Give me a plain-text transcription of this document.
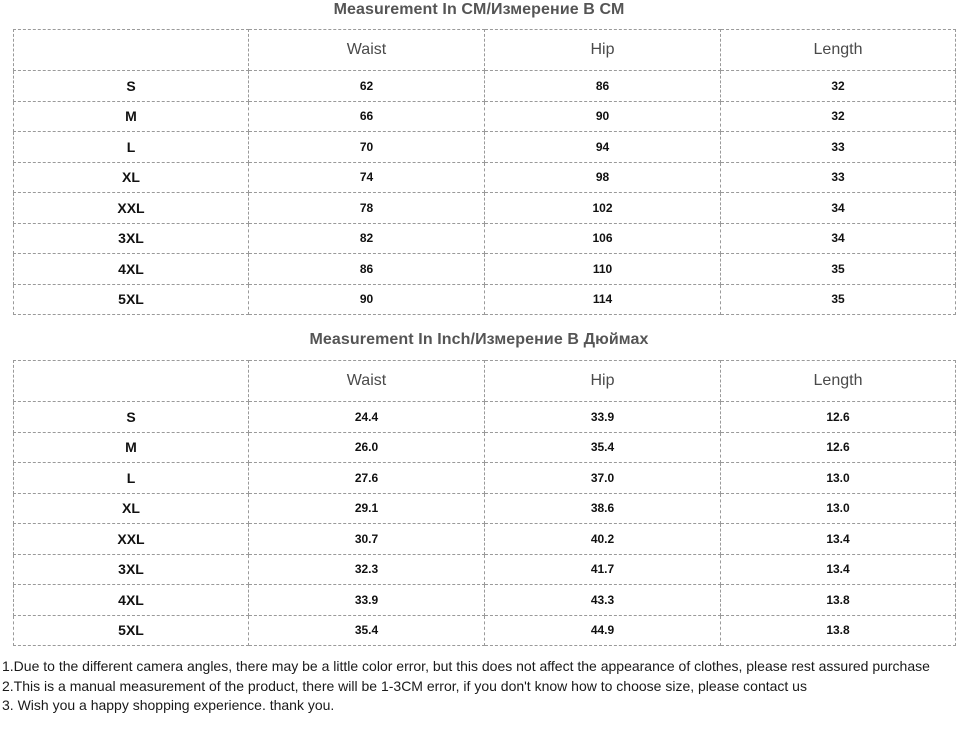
Measurement In CM/Измерение В СМ
	Waist	Hip	Length
S	62	86	32
M	66	90	32
L	70	94	33
XL	74	98	33
XXL	78	102	34
3XL	82	106	34
4XL	86	110	35
5XL	90	114	35
Measurement In Inch/Измерение В Дюймах
	Waist	Hip	Length
S	24.4	33.9	12.6
M	26.0	35.4	12.6
L	27.6	37.0	13.0
XL	29.1	38.6	13.0
XXL	30.7	40.2	13.4
3XL	32.3	41.7	13.4
4XL	33.9	43.3	13.8
5XL	35.4	44.9	13.8

1.Due to the different camera angles, there may be a little color error, but this does not affect the appearance of clothes, please rest assured purchase

2.This is a manual measurement of the product, there will be 1-3CM error, if you don't know how to choose size, please contact us

3. Wish you a happy shopping experience. thank you.
